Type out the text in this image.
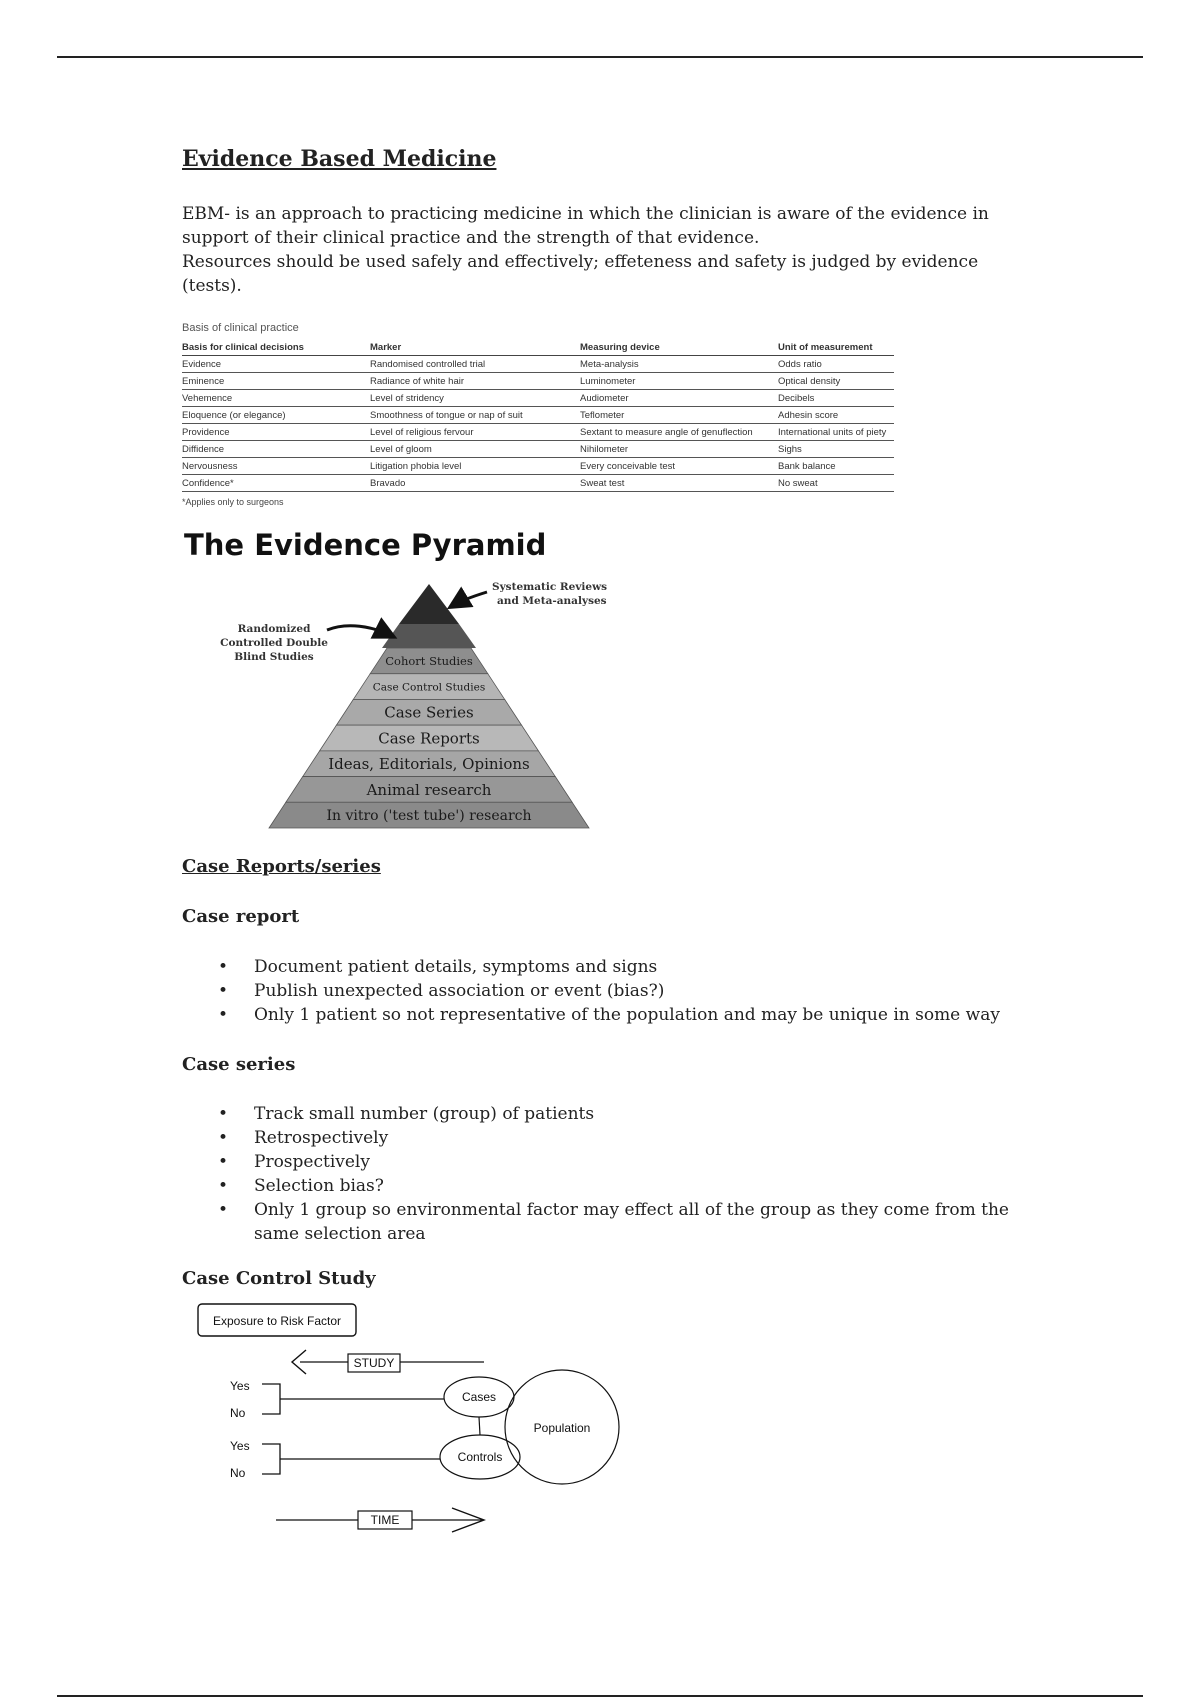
Evidence Based Medicine

EBM- is an approach to practicing medicine in which the clinician is aware of the evidence in support of their clinical practice and the strength of that evidence.

Resources should be used safely and effectively; effeteness and safety is judged by evidence (tests).

Basis of clinical practice
Basis for clinical decisions	Marker	Measuring device	Unit of measurement
Evidence	Randomised controlled trial	Meta-analysis	Odds ratio
Eminence	Radiance of white hair	Luminometer	Optical density
Vehemence	Level of stridency	Audiometer	Decibels
Eloquence (or elegance)	Smoothness of tongue or nap of suit	Teflometer	Adhesin score
Providence	Level of religious fervour	Sextant to measure angle of genuflection	International units of piety
Diffidence	Level of gloom	Nihilometer	Sighs
Nervousness	Litigation phobia level	Every conceivable test	Bank balance
Confidence*	Bravado	Sweat test	No sweat
*Applies only to surgeons
The Evidence Pyramid
Cohort Studies
Case Control Studies
Case Series
Case Reports
Ideas, Editorials, Opinions
Animal research
In vitro ('test tube') research
Systematic Reviews
and Meta-analyses
Randomized
Controlled Double
Blind Studies
Case Reports/series
Case report
• Document patient details, symptoms and signs
• Publish unexpected association or event (bias?)
• Only 1 patient so not representative of the population and may be unique in some way
Case series
• Track small number (group) of patients
• Retrospectively
• Prospectively
• Selection bias?
• Only 1 group so environmental factor may effect all of the group as they come from the same selection area
Case Control Study
Exposure to Risk Factor
STUDY
Yes
No
Cases
Yes
No
Controls
Population
TIME
